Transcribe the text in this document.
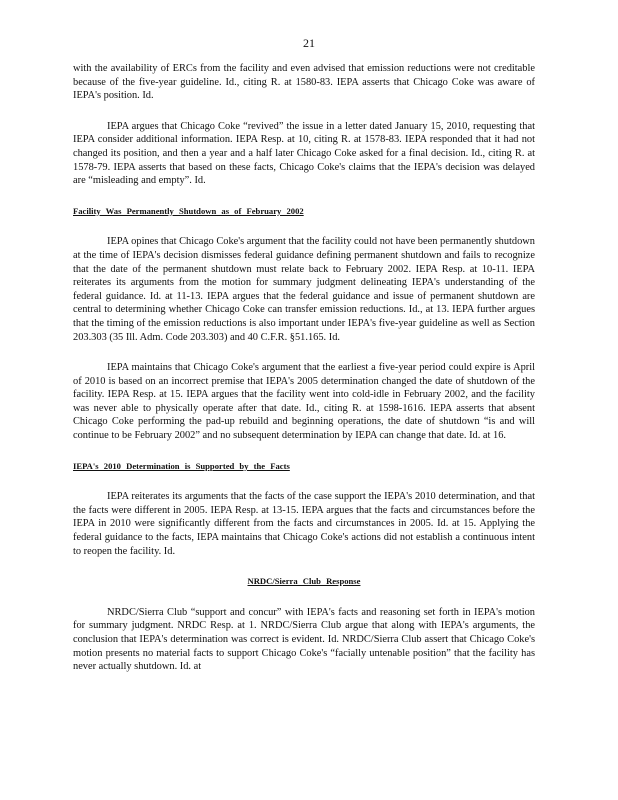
21

with the availability of ERCs from the facility and even advised that emission reductions were not creditable because of the five-year guideline. Id., citing R. at 1580-83. IEPA asserts that Chicago Coke was aware of IEPA's position. Id.

IEPA argues that Chicago Coke “revived” the issue in a letter dated January 15, 2010, requesting that IEPA consider additional information. IEPA Resp. at 10, citing R. at 1578-83. IEPA responded that it had not changed its position, and then a year and a half later Chicago Coke asked for a final decision. Id., citing R. at 1578-79. IEPA asserts that based on these facts, Chicago Coke's claims that the IEPA's decision was delayed are “misleading and empty”. Id.

Facility Was Permanently Shutdown as of February 2002

IEPA opines that Chicago Coke's argument that the facility could not have been permanently shutdown at the time of IEPA's decision dismisses federal guidance defining permanent shutdown and fails to recognize that the date of the permanent shutdown must relate back to February 2002. IEPA Resp. at 10-11. IEPA reiterates its arguments from the motion for summary judgment delineating IEPA's understanding of the federal guidance. Id. at 11-13. IEPA argues that the federal guidance and issue of permanent shutdown are central to determining whether Chicago Coke can transfer emission reductions. Id., at 13. IEPA further argues that the timing of the emission reductions is also important under IEPA's five-year guideline as well as Section 203.303 (35 Ill. Adm. Code 203.303) and 40 C.F.R. §51.165. Id.

IEPA maintains that Chicago Coke's argument that the earliest a five-year period could expire is April of 2010 is based on an incorrect premise that IEPA's 2005 determination changed the date of shutdown of the facility. IEPA Resp. at 15. IEPA argues that the facility went into cold-idle in February 2002, and the facility was never able to physically operate after that date. Id., citing R. at 1598-1616. IEPA asserts that absent Chicago Coke performing the pad-up rebuild and beginning operations, the date of shutdown “is and will continue to be February 2002” and no subsequent determination by IEPA can change that date. Id. at 16.

IEPA's 2010 Determination is Supported by the Facts

IEPA reiterates its arguments that the facts of the case support the IEPA's 2010 determination, and that the facts were different in 2005. IEPA Resp. at 13-15. IEPA argues that the facts and circumstances before the IEPA in 2010 were significantly different from the facts and circumstances in 2005. Id. at 15. Applying the federal guidance to the facts, IEPA maintains that Chicago Coke's actions did not establish a continuous intent to reopen the facility. Id.

NRDC/Sierra Club Response

NRDC/Sierra Club “support and concur” with IEPA's facts and reasoning set forth in IEPA's motion for summary judgment. NRDC Resp. at 1. NRDC/Sierra Club argue that along with IEPA's arguments, the conclusion that IEPA's determination was correct is evident. Id. NRDC/Sierra Club assert that Chicago Coke's motion presents no material facts to support Chicago Coke's “facially untenable position” that the facility has never actually shutdown. Id. at
